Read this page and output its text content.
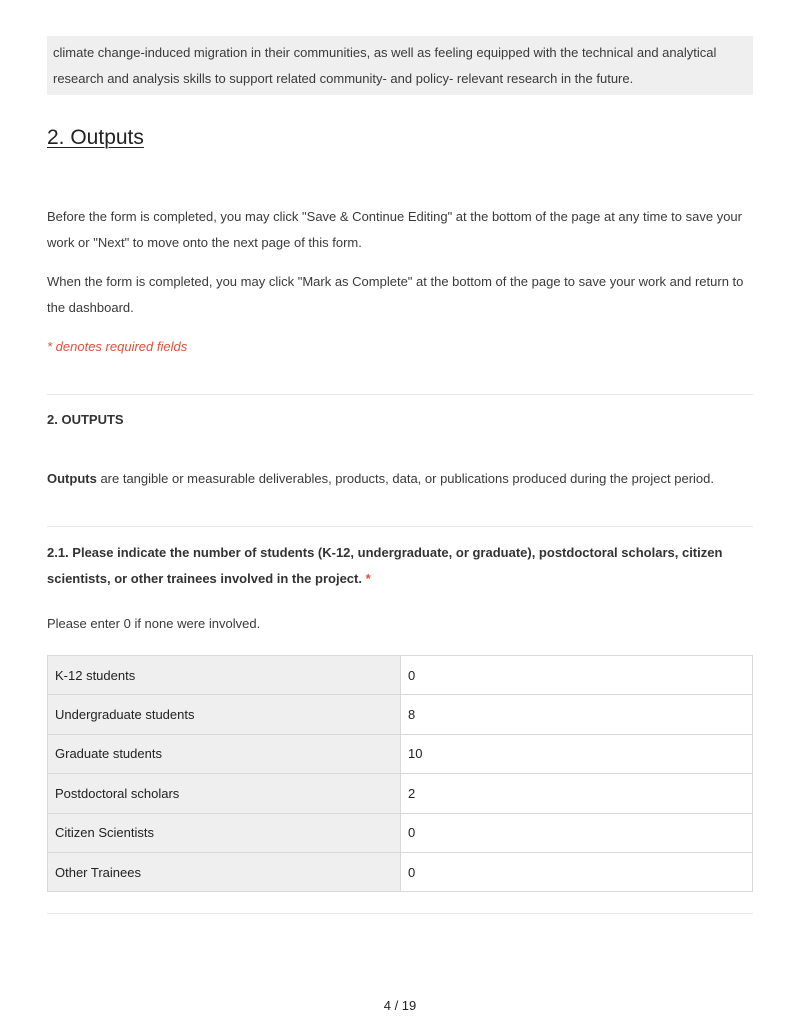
climate change-induced migration in their communities, as well as feeling equipped with the technical and analytical research and analysis skills to support related community- and policy- relevant research in the future.
2. Outputs

Before the form is completed, you may click "Save & Continue Editing" at the bottom of the page at any time to save your work or "Next" to move onto the next page of this form.

When the form is completed, you may click "Mark as Complete" at the bottom of the page to save your work and return to the dashboard.

* denotes required fields
2. OUTPUTS
Outputs are tangible or measurable deliverables, products, data, or publications produced during the project period.
2.1. Please indicate the number of students (K-12, undergraduate, or graduate), postdoctoral scholars, citizen scientists, or other trainees involved in the project. *
Please enter 0 if none were involved.
K-12 students	0
Undergraduate students	8
Graduate students	10
Postdoctoral scholars	2
Citizen Scientists	0
Other Trainees	0
4 / 19
